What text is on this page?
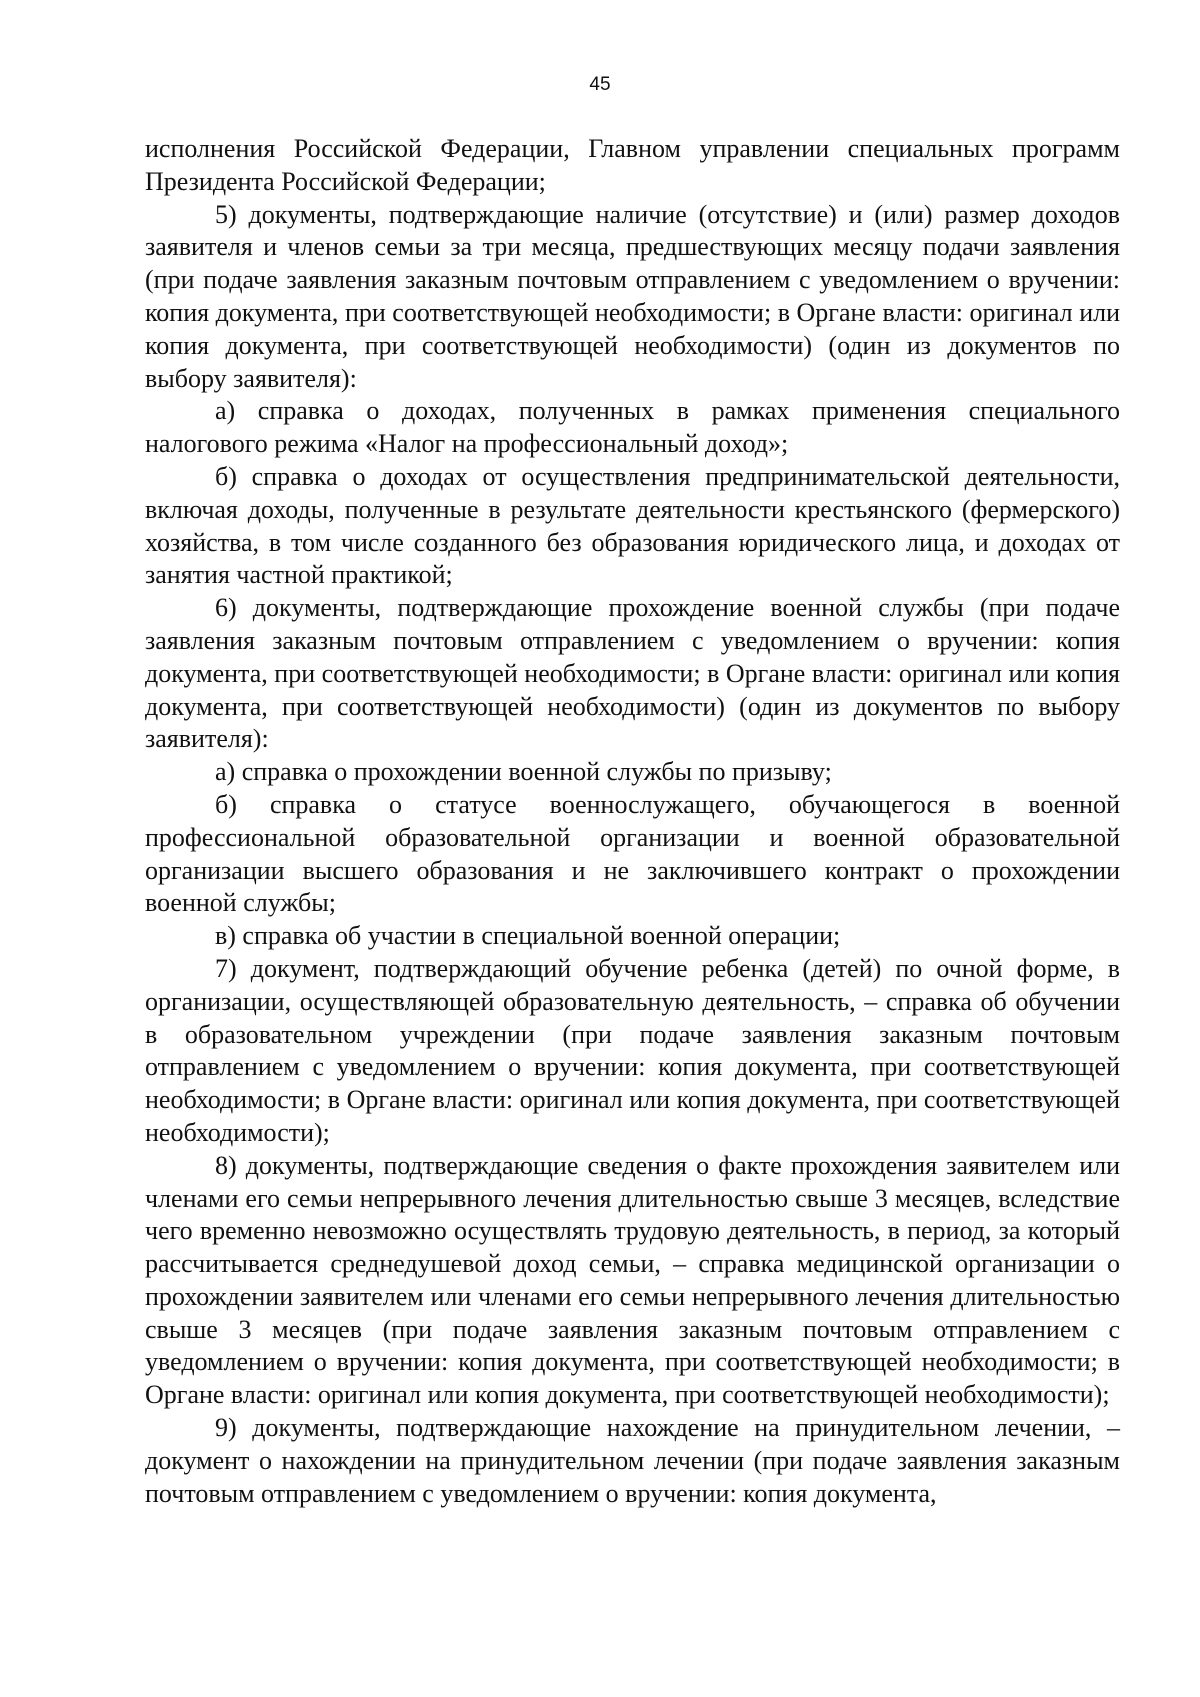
45

исполнения Российской Федерации, Главном управлении специальных программ Президента Российской Федерации;

5) документы, подтверждающие наличие (отсутствие) и (или) размер доходов заявителя и членов семьи за три месяца, предшествующих месяцу подачи заявления (при подаче заявления заказным почтовым отправлением с уведомлением о вручении: копия документа, при соответствующей необходимости; в Органе власти: оригинал или копия документа, при соответствующей необходимости) (один из документов по выбору заявителя):

а) справка о доходах, полученных в рамках применения специального налогового режима «Налог на профессиональный доход»;

б) справка о доходах от осуществления предпринимательской деятельности, включая доходы, полученные в результате деятельности крестьянского (фермерского) хозяйства, в том числе созданного без образования юридического лица, и доходах от занятия частной практикой;

6) документы, подтверждающие прохождение военной службы (при подаче заявления заказным почтовым отправлением с уведомлением о вручении: копия документа, при соответствующей необходимости; в Органе власти: оригинал или копия документа, при соответствующей необходимости) (один из документов по выбору заявителя):

а) справка о прохождении военной службы по призыву;

б) справка о статусе военнослужащего, обучающегося в военной профессиональной образовательной организации и военной образовательной организации высшего образования и не заключившего контракт о прохождении военной службы;

в) справка об участии в специальной военной операции;

7) документ, подтверждающий обучение ребенка (детей) по очной форме, в организации, осуществляющей образовательную деятельность, – справка об обучении в образовательном учреждении (при подаче заявления заказным почтовым отправлением с уведомлением о вручении: копия документа, при соответствующей необходимости; в Органе власти: оригинал или копия документа, при соответствующей необходимости);

8) документы, подтверждающие сведения о факте прохождения заявителем или членами его семьи непрерывного лечения длительностью свыше 3 месяцев, вследствие чего временно невозможно осуществлять трудовую деятельность, в период, за который рассчитывается среднедушевой доход семьи, – справка медицинской организации о прохождении заявителем или членами его семьи непрерывного лечения длительностью свыше 3 месяцев (при подаче заявления заказным почтовым отправлением с уведомлением о вручении: копия документа, при соответствующей необходимости; в Органе власти: оригинал или копия документа, при соответствующей необходимости);

9) документы, подтверждающие нахождение на принудительном лечении, – документ о нахождении на принудительном лечении (при подаче заявления заказным почтовым отправлением с уведомлением о вручении: копия документа,
